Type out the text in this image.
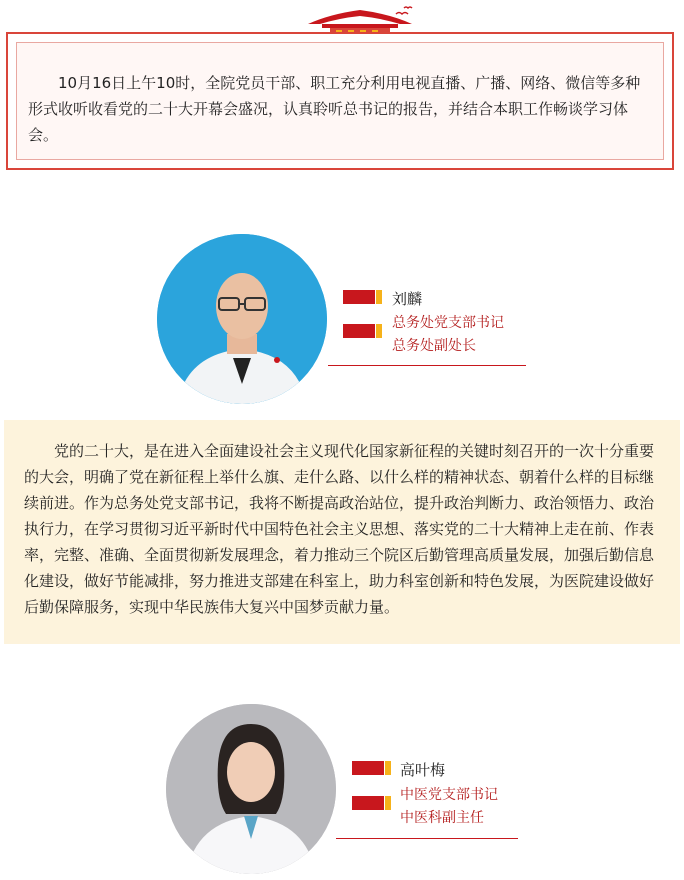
10月16日上午10时，全院党员干部、职工充分利用电视直播、广播、网络、微信等多种形式收听收看党的二十大开幕会盛况，认真聆听总书记的报告，并结合本职工作畅谈学习体会。

刘麟
总务处党支部书记
总务处副处长

党的二十大，是在进入全面建设社会主义现代化国家新征程的关键时刻召开的一次十分重要的大会，明确了党在新征程上举什么旗、走什么路、以什么样的精神状态、朝着什么样的目标继续前进。作为总务处党支部书记，我将不断提高政治站位，提升政治判断力、政治领悟力、政治执行力，在学习贯彻习近平新时代中国特色社会主义思想、落实党的二十大精神上走在前、作表率，完整、准确、全面贯彻新发展理念，着力推动三个院区后勤管理高质量发展，加强后勤信息化建设，做好节能减排，努力推进支部建在科室上，助力科室创新和特色发展，为医院建设做好后勤保障服务，实现中华民族伟大复兴中国梦贡献力量。

高叶梅
中医党支部书记
中医科副主任
